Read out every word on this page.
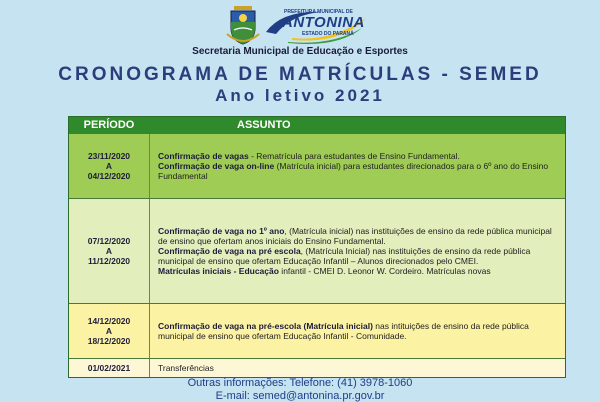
PREFEITURA MUNICIPAL DE
ANTONINA
ESTADO DO PARANÁ
Secretaria Municipal de Educação e Esportes
CRONOGRAMA DE MATRÍCULAS - SEMED
Ano letivo 2021
PERÍODO	ASSUNTO
23/11/2020
A
04/12/2020
Confirmação de vagas - Rematrícula para estudantes de Ensino Fundamental.
Confirmação de vaga on-line (Matrícula inicial) para estudantes direcionados para o 6º ano do Ensino Fundamental
07/12/2020
A
11/12/2020
Confirmação de vaga no 1º ano, (Matrícula inicial) nas instituições de ensino da rede pública municipal de ensino que ofertam anos iniciais do Ensino Fundamental.
Confirmação de vaga na pré escola, (Matrícula Inicial) nas instituições de ensino da rede pública municipal de ensino que ofertam Educação Infantil – Alunos direcionados pelo CMEI.
Matrículas iniciais - Educação infantil - CMEI D. Leonor W. Cordeiro. Matrículas novas
14/12/2020
A
18/12/2020
Confirmação de vaga na pré-escola (Matrícula inicial) nas intituições de ensino da rede pública municipal de ensino que ofertam Educação Infantil - Comunidade.
01/02/2021	Transferências
Outras informações: Telefone: (41) 3978-1060
E-mail: semed@antonina.pr.gov.br
